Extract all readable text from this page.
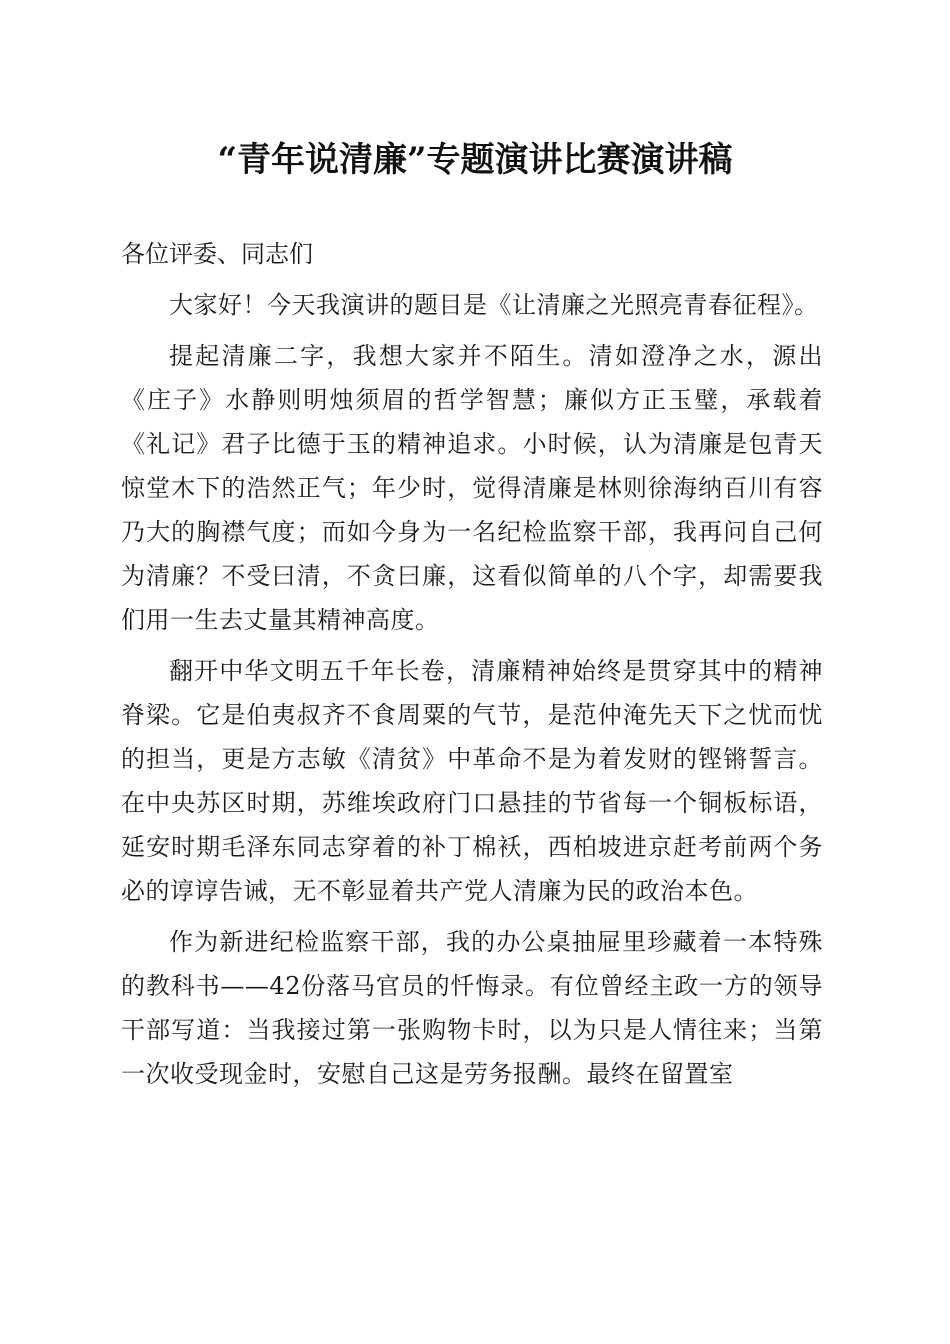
“青年说清廉”专题演讲比赛演讲稿

各位评委、同志们

大家好！今天我演讲的题目是《让清廉之光照亮青春征程》。

提起清廉二字，我想大家并不陌生。清如澄净之水，源出《庄子》水静则明烛须眉的哲学智慧；廉似方正玉璧，承载着《礼记》君子比德于玉的精神追求。小时候，认为清廉是包青天惊堂木下的浩然正气；年少时，觉得清廉是林则徐海纳百川有容乃大的胸襟气度；而如今身为一名纪检监察干部，我再问自己何为清廉？不受曰清，不贪曰廉，这看似简单的八个字，却需要我们用一生去丈量其精神高度。

翻开中华文明五千年长卷，清廉精神始终是贯穿其中的精神脊梁。它是伯夷叔齐不食周粟的气节，是范仲淹先天下之忧而忧的担当，更是方志敏《清贫》中革命不是为着发财的铿锵誓言。在中央苏区时期，苏维埃政府门口悬挂的节省每一个铜板标语，延安时期毛泽东同志穿着的补丁棉袄，西柏坡进京赶考前两个务必的谆谆告诫，无不彰显着共产党人清廉为民的政治本色。

作为新进纪检监察干部，我的办公桌抽屉里珍藏着一本特殊的教科书——42份落马官员的忏悔录。有位曾经主政一方的领导干部写道：当我接过第一张购物卡时，以为只是人情往来；当第一次收受现金时，安慰自己这是劳务报酬。最终在留置室
